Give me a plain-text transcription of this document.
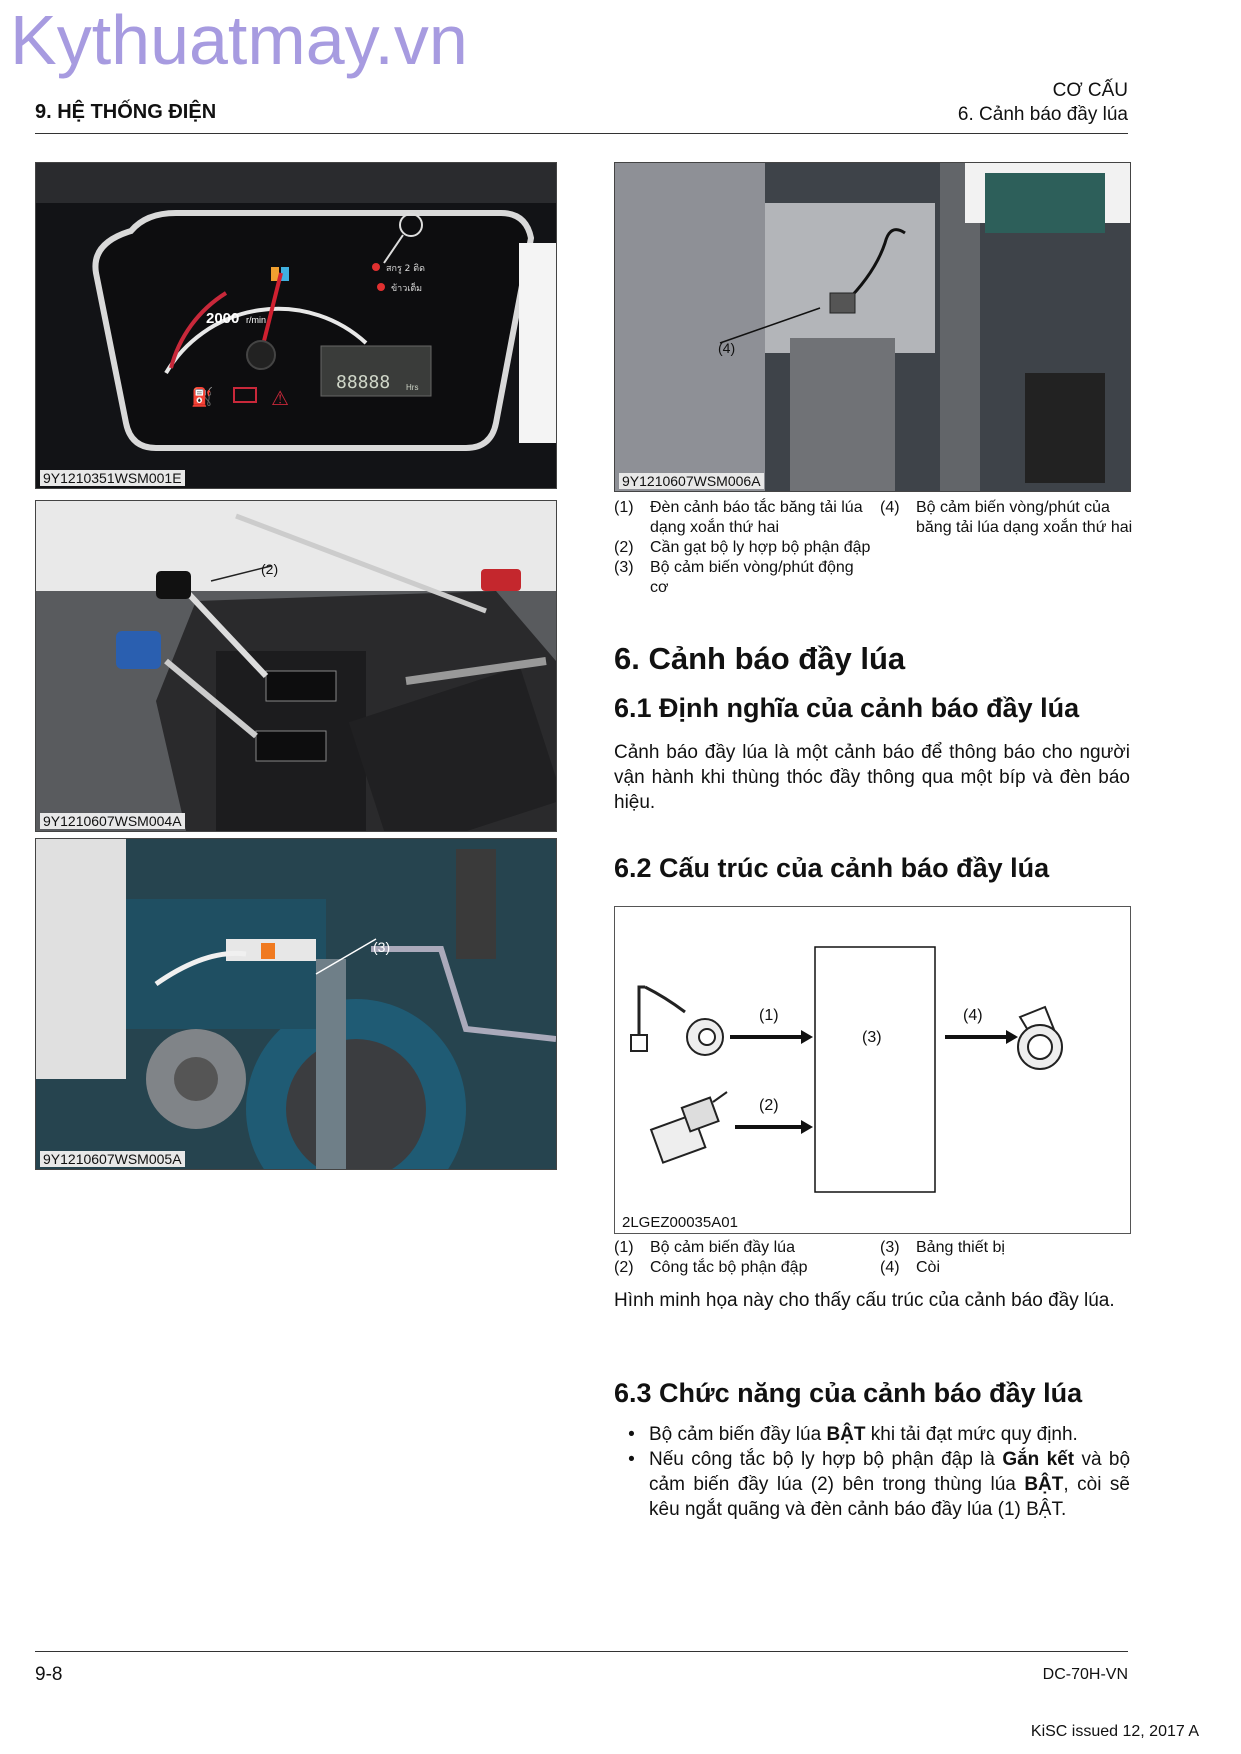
Kythuatmay.vn
9. HỆ THỐNG ĐIỆN
CƠ CẤU
6. Cảnh báo đầy lúa
2000 r/min
สกรู 2 ติด
ข้าวเต็ม
88888 Hrs
⛽	⚠
9Y1210351WSM001E
(2)
9Y1210607WSM004A
(3)
9Y1210607WSM005A
(4)
9Y1210607WSM006A
(1)	Đèn cảnh báo tắc băng tải lúa dạng xoắn thứ hai
(2)	Cần gạt bộ ly hợp bộ phận đập
(3)	Bộ cảm biến vòng/phút động cơ
(4)	Bộ cảm biến vòng/phút của băng tải lúa dạng xoắn thứ hai
6. Cảnh báo đầy lúa
6.1 Định nghĩa của cảnh báo đầy lúa
Cảnh báo đầy lúa là một cảnh báo để thông báo cho người vận hành khi thùng thóc đầy thông qua một bíp và đèn báo hiệu.
6.2 Cấu trúc của cảnh báo đầy lúa
(1)
(2)
(3)
(4)
2LGEZ00035A01
(1)	Bộ cảm biến đầy lúa
(2)	Công tắc bộ phận đập
(3)	Bảng thiết bị
(4)	Còi
Hình minh họa này cho thấy cấu trúc của cảnh báo đầy lúa.
6.3 Chức năng của cảnh báo đầy lúa
• Bộ cảm biến đầy lúa BẬT khi tải đạt mức quy định.
• Nếu công tắc bộ ly hợp bộ phận đập là Gắn kết và bộ cảm biến đầy lúa (2) bên trong thùng lúa BẬT, còi sẽ kêu ngắt quãng và đèn cảnh báo đầy lúa (1) BẬT.
9-8	DC-70H-VN
KiSC issued 12, 2017 A
